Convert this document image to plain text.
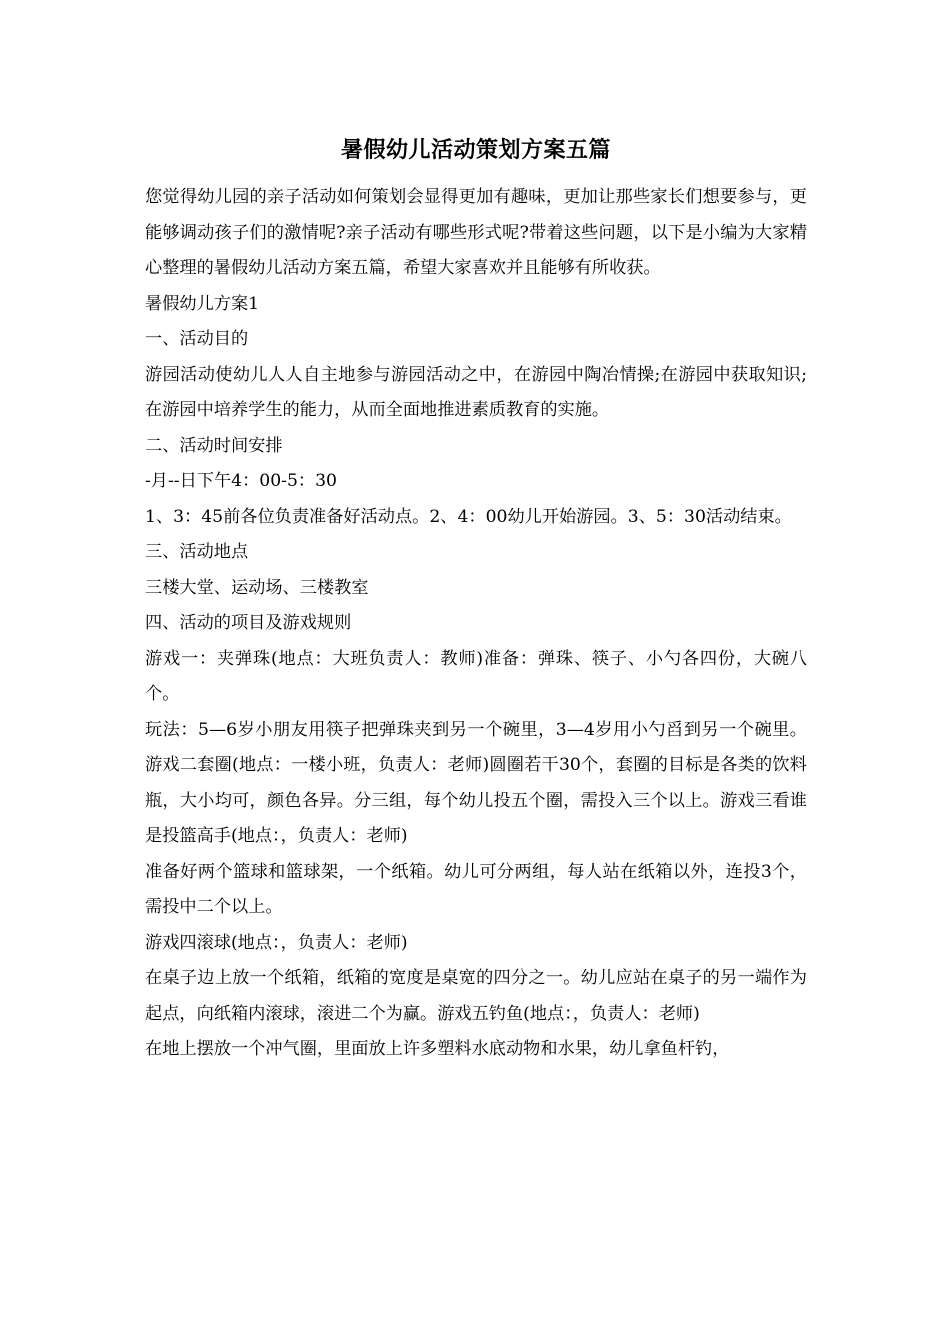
暑假幼儿活动策划方案五篇

您觉得幼儿园的亲子活动如何策划会显得更加有趣味，更加让那些家长们想要参与，更能够调动孩子们的激情呢?亲子活动有哪些形式呢?带着这些问题，以下是小编为大家精心整理的暑假幼儿活动方案五篇，希望大家喜欢并且能够有所收获。

暑假幼儿方案1

一、活动目的

游园活动使幼儿人人自主地参与游园活动之中，在游园中陶冶情操;在游园中获取知识;在游园中培养学生的能力，从而全面地推进素质教育的实施。

二、活动时间安排

-月--日下午4：00-5：30

1、3：45前各位负责准备好活动点。2、4：00幼儿开始游园。3、5：30活动结束。

三、活动地点

三楼大堂、运动场、三楼教室

四、活动的项目及游戏规则

游戏一：夹弹珠(地点：大班负责人：教师)准备：弹珠、筷子、小勺各四份，大碗八个。

玩法：5—6岁小朋友用筷子把弹珠夹到另一个碗里，3—4岁用小勺舀到另一个碗里。游戏二套圈(地点：一楼小班，负责人：老师)圆圈若干30个，套圈的目标是各类的饮料瓶，大小均可，颜色各异。分三组，每个幼儿投五个圈，需投入三个以上。游戏三看谁是投篮高手(地点：，负责人：老师)

准备好两个篮球和篮球架，一个纸箱。幼儿可分两组，每人站在纸箱以外，连投3个，需投中二个以上。

游戏四滚球(地点：，负责人：老师)

在桌子边上放一个纸箱，纸箱的宽度是桌宽的四分之一。幼儿应站在桌子的另一端作为起点，向纸箱内滚球，滚进二个为赢。游戏五钓鱼(地点：，负责人：老师)

在地上摆放一个冲气圈，里面放上许多塑料水底动物和水果，幼儿拿鱼杆钓，
